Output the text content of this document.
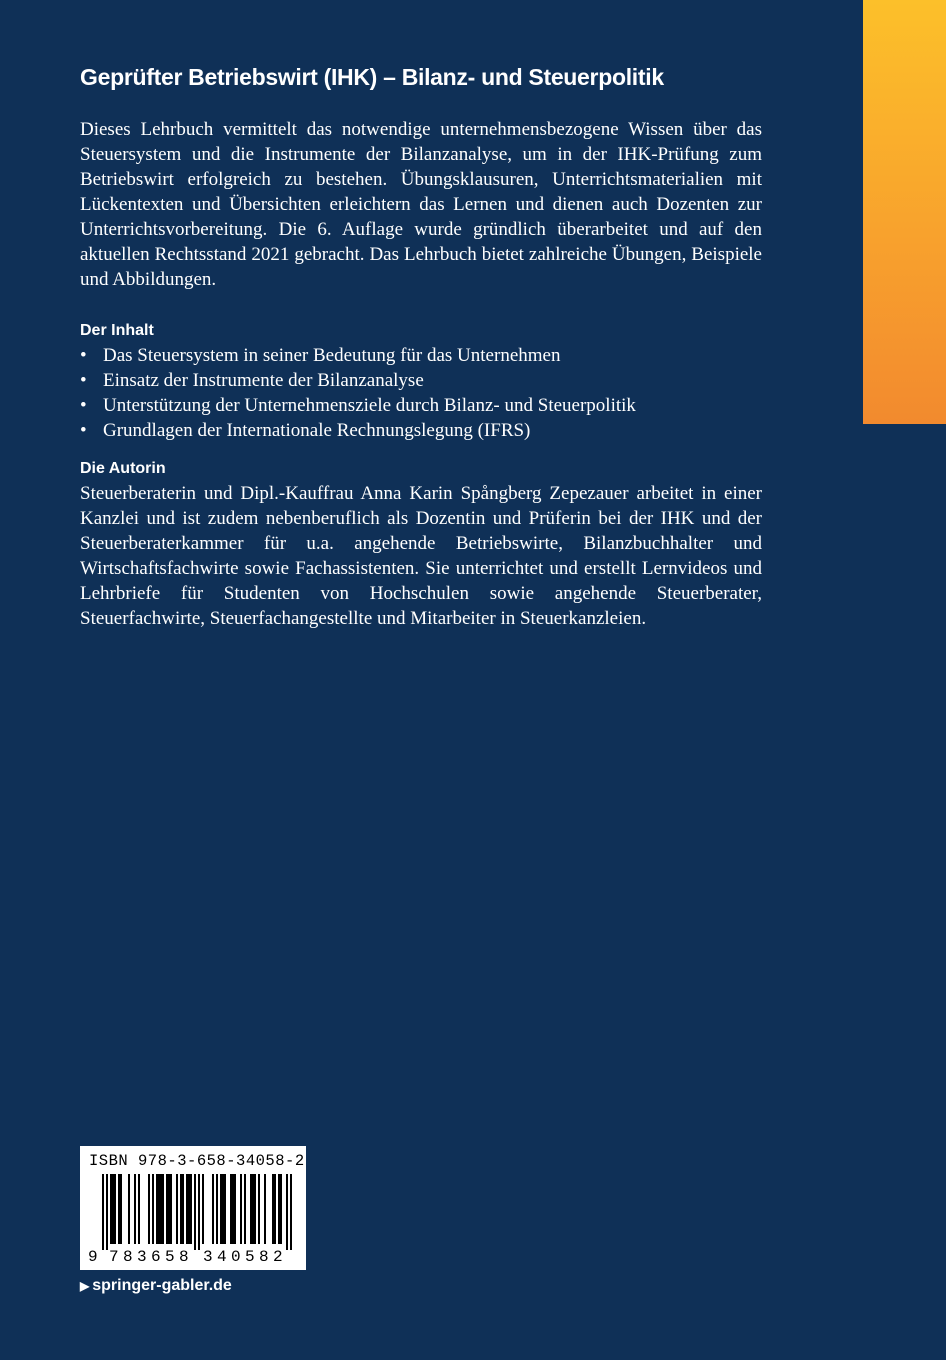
Geprüfter Betriebswirt (IHK) – Bilanz- und Steuerpolitik

Dieses Lehrbuch vermittelt das notwendige unternehmensbezogene Wissen über das Steuersystem und die Instrumente der Bilanzanalyse, um in der IHK-Prüfung zum Betriebswirt erfolgreich zu bestehen. Übungsklausuren, Unterrichtsmaterialien mit Lückentexten und Übersichten erleichtern das Lernen und dienen auch Dozenten zur Unterrichtsvorbereitung. Die 6. Auflage wurde gründlich überarbeitet und auf den aktuellen Rechtsstand 2021 gebracht. Das Lehrbuch bietet zahlreiche Übungen, Beispiele und Abbildungen.

Der Inhalt
• Das Steuersystem in seiner Bedeutung für das Unternehmen
• Einsatz der Instrumente der Bilanzanalyse
• Unterstützung der Unternehmensziele durch Bilanz- und Steuerpolitik
• Grundlagen der Internationale Rechnungslegung (IFRS)
Die Autorin

Steuerberaterin und Dipl.-Kauffrau Anna Karin Spångberg Zepezauer arbeitet in einer Kanzlei und ist zudem nebenberuflich als Dozentin und Prüferin bei der IHK und der Steuerberaterkammer für u.a. angehende Betriebswirte, Bilanzbuchhalter und Wirtschaftsfachwirte sowie Fachassistenten. Sie unterrichtet und erstellt Lernvideos und Lehrbriefe für Studenten von Hochschulen sowie angehende Steuerberater, Steuerfachwirte, Steuerfachangestellte und Mitarbeiter in Steuerkanzleien.

ISBN 978-3-658-34058-2
9 7 8 3 6 5 8 3 4 0 5 8 2
▶ springer-gabler.de
